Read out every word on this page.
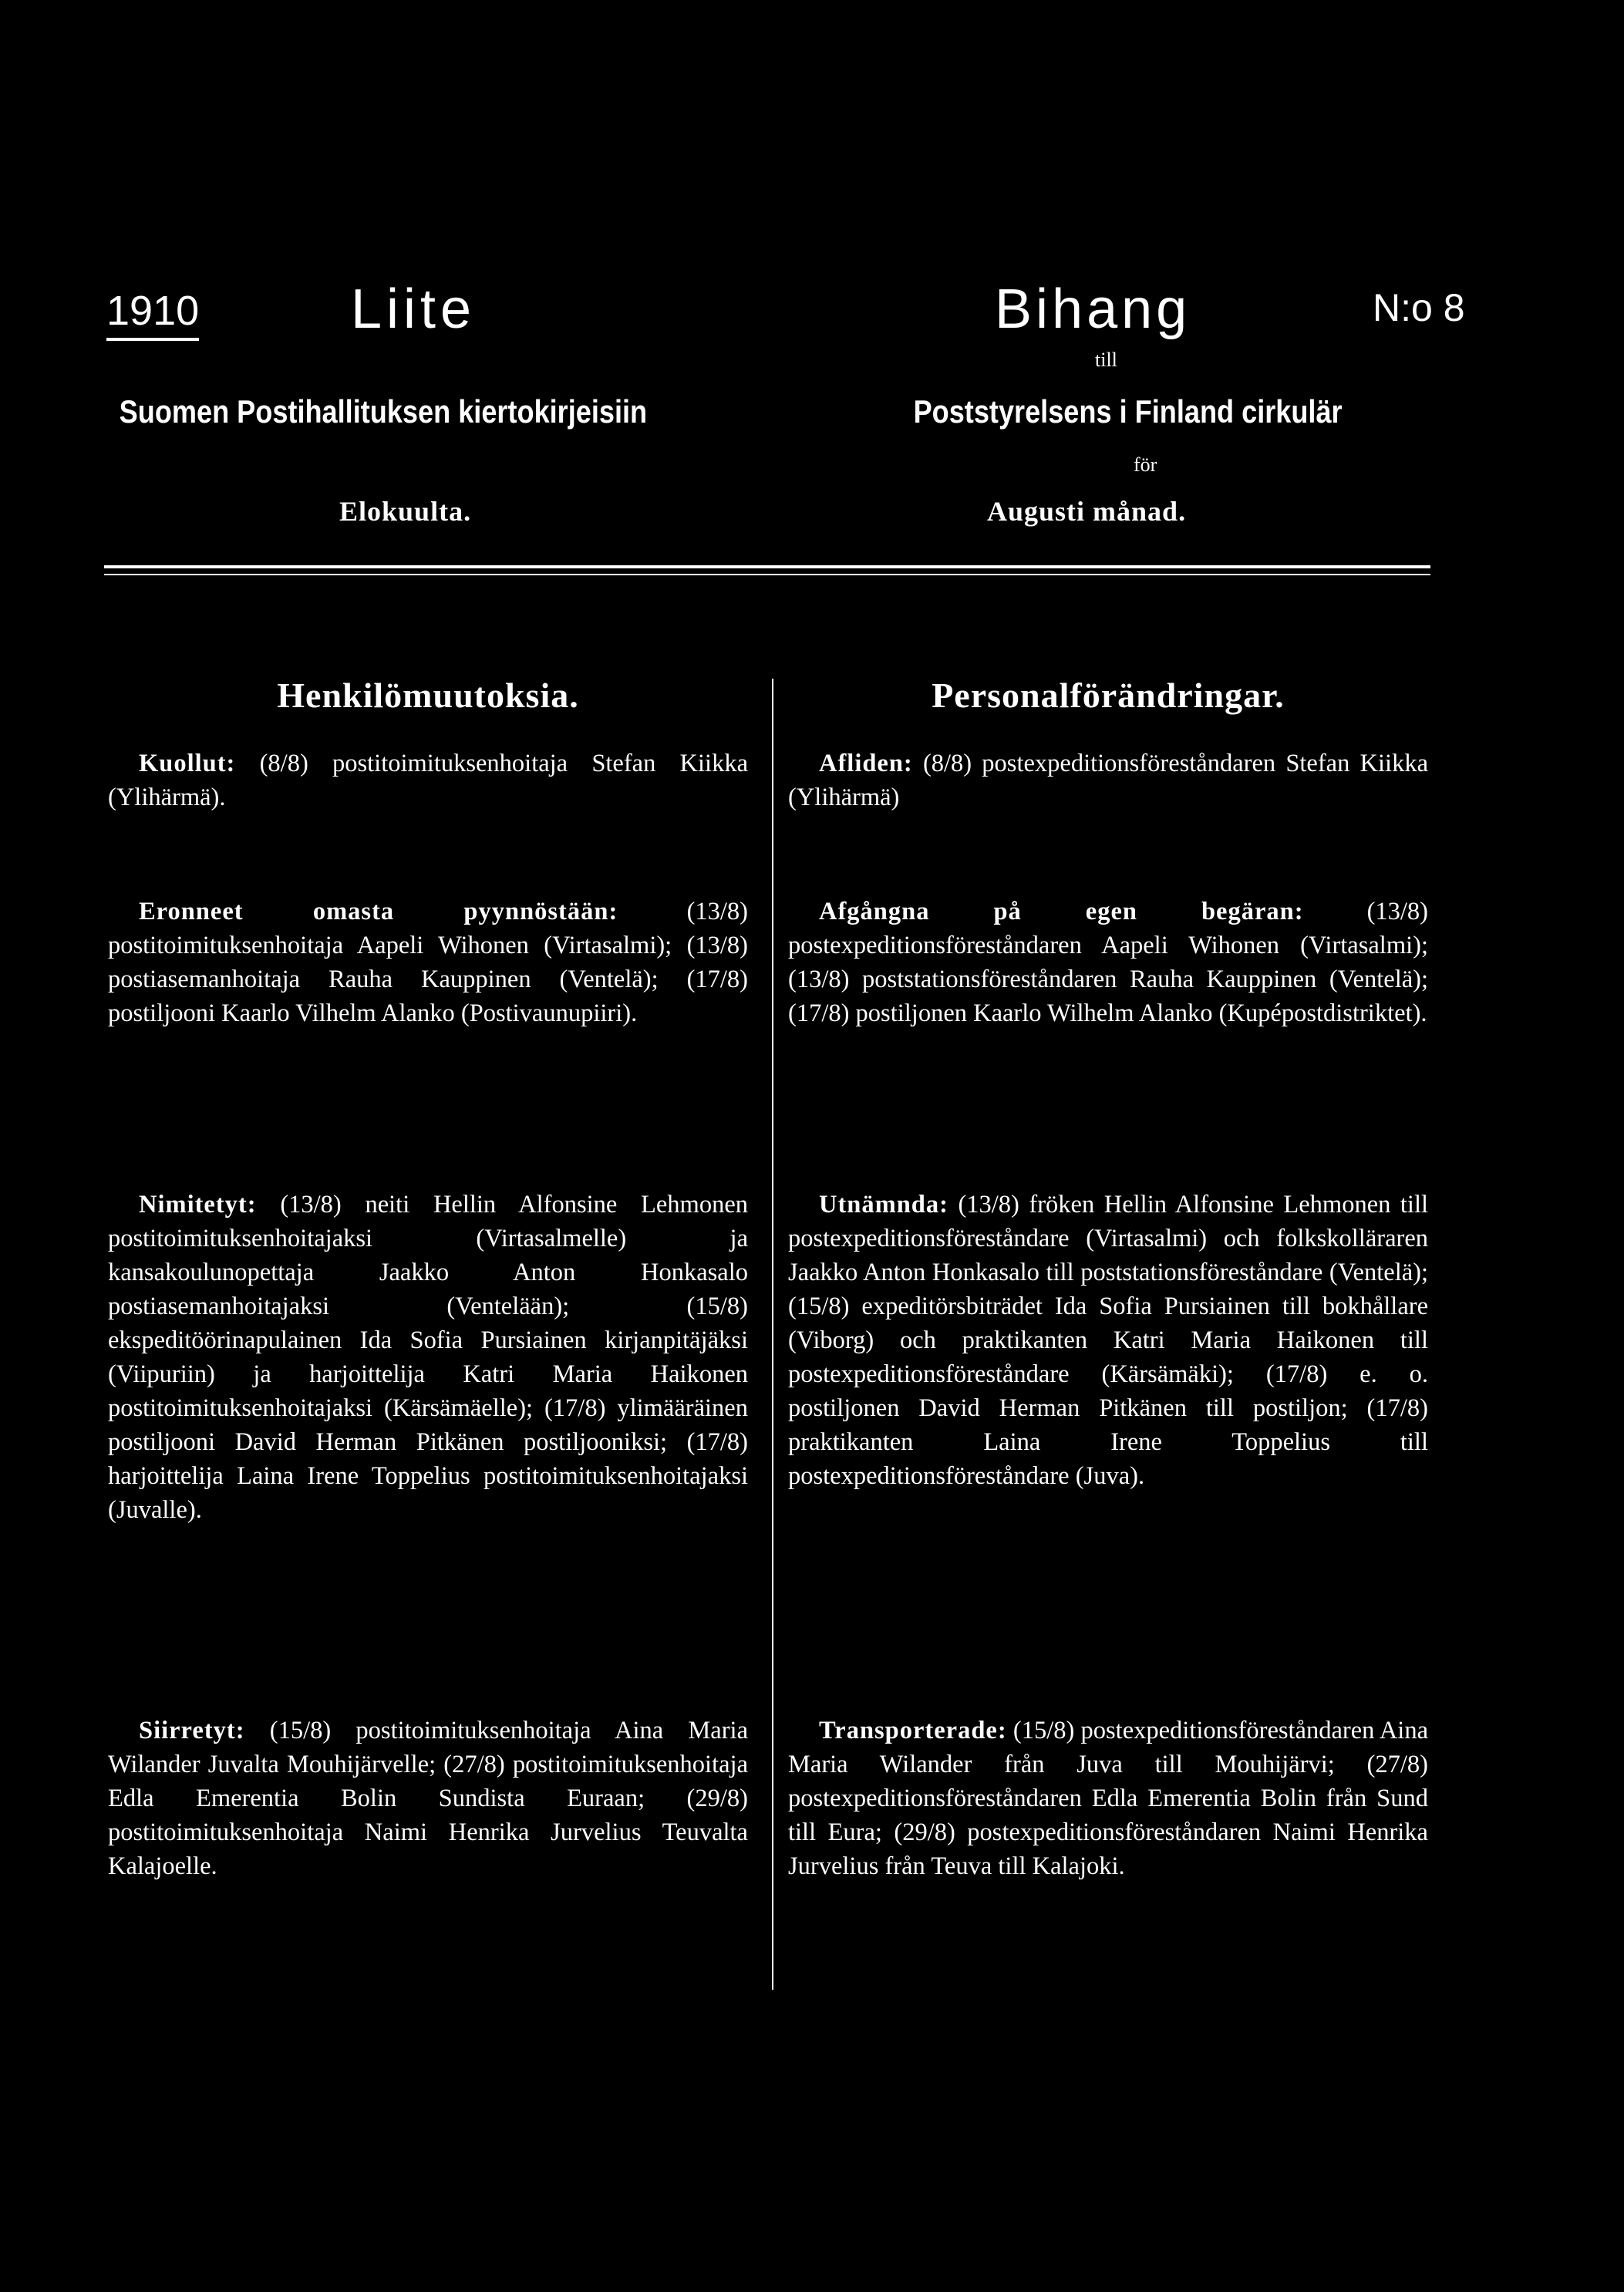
1910	Liite	Bihang	N:o 8
till
Suomen Postihallituksen kiertokirjeisiin	Poststyrelsens i Finland cirkulär
för
Elokuulta.	Augusti månad.
Henkilömuutoksia.

Kuollut: (8/8) postitoimituksenhoitaja Stefan Kiikka (Ylihärmä).

Eronneet omasta pyynnöstään:	(13/8) postitoimituksenhoitaja Aapeli Wihonen (Virtasalmi); (13/8) postiasemanhoitaja Rauha Kauppinen (Ventelä); (17/8) postiljooni Kaarlo Vilhelm Alanko (Postivaunupiiri).

Nimitetyt: (13/8) neiti Hellin Alfonsine Lehmonen postitoimituksenhoitajaksi (Virtasalmelle) ja kansakoulunopettaja Jaakko Anton Honkasalo postiasemanhoitajaksi (Ventelään); (15/8) ekspeditöörinapulainen Ida Sofia Pursiainen kirjanpitäjäksi (Viipuriin) ja harjoittelija Katri Maria Haikonen postitoimituksenhoitajaksi (Kärsämäelle); (17/8) ylimääräinen postiljooni David Herman Pitkänen postiljooniksi; (17/8) harjoittelija Laina Irene Toppelius postitoimituksenhoitajaksi (Juvalle).

Siirretyt: (15/8) postitoimituksenhoitaja Aina Maria Wilander Juvalta Mouhijärvelle; (27/8) postitoimituksenhoitaja Edla Emerentia Bolin Sundista Euraan; (29/8) postitoimituksenhoitaja Naimi Henrika Jurvelius Teuvalta Kalajoelle.

Personalförändringar.

Afliden: (8/8) postexpeditionsföreståndaren Stefan Kiikka (Ylihärmä)

Afgångna på egen begäran:	(13/8) postexpeditionsföreståndaren Aapeli Wihonen (Virtasalmi); (13/8) poststationsföreståndaren Rauha Kauppinen (Ventelä); (17/8) postiljonen Kaarlo Wilhelm Alanko (Kupépostdistriktet).

Utnämnda: (13/8) fröken Hellin Alfonsine Lehmonen till postexpeditionsföreståndare (Virtasalmi) och folkskolläraren Jaakko Anton Honkasalo till poststationsföreståndare (Ventelä); (15/8) expeditörsbiträdet Ida Sofia Pursiainen till bokhållare (Viborg) och praktikanten Katri Maria Haikonen till postexpeditionsföreståndare (Kärsämäki); (17/8) e. o. postiljonen David Herman Pitkänen till postiljon; (17/8) praktikanten Laina Irene Toppelius till postexpeditionsföreståndare (Juva).

Transporterade: (15/8) postexpeditionsföreståndaren Aina Maria Wilander från Juva till Mouhijärvi; (27/8) postexpeditionsföreståndaren Edla Emerentia Bolin från Sund till Eura; (29/8) postexpeditionsföreståndaren Naimi Henrika Jurvelius från Teuva till Kalajoki.
